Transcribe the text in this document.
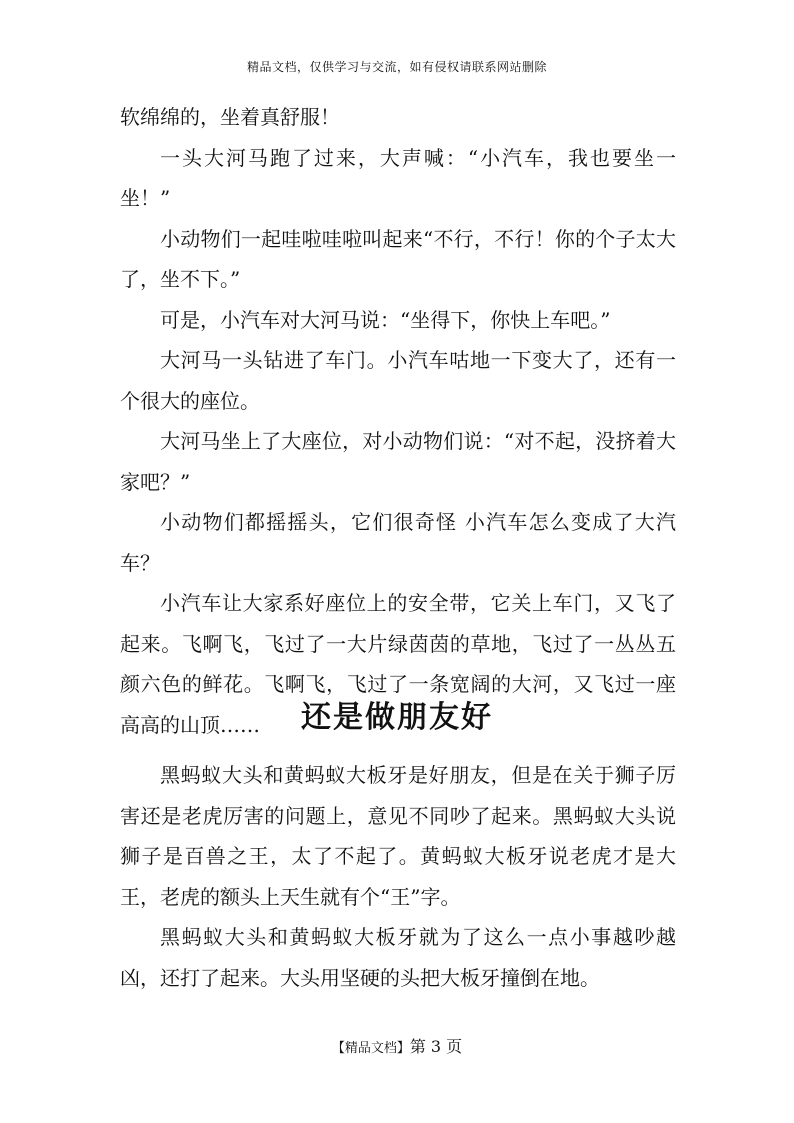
精品文档，仅供学习与交流，如有侵权请联系网站删除

软绵绵的，坐着真舒服！

一头大河马跑了过来，大声喊：“小汽车，我也要坐一坐！”

小动物们一起哇啦哇啦叫起来“不行，不行！你的个子太大了，坐不下。”

可是，小汽车对大河马说：“坐得下，你快上车吧。”

大河马一头钻进了车门。小汽车咕地一下变大了，还有一个很大的座位。

大河马坐上了大座位，对小动物们说：“对不起，没挤着大家吧？”

小动物们都摇摇头，它们很奇怪 小汽车怎么变成了大汽车？

小汽车让大家系好座位上的安全带，它关上车门，又飞了起来。飞啊飞，飞过了一大片绿茵茵的草地，飞过了一丛丛五颜六色的鲜花。飞啊飞，飞过了一条宽阔的大河，又飞过一座高高的山顶……	还是做朋友好

黑蚂蚁大头和黄蚂蚁大板牙是好朋友，但是在关于狮子厉害还是老虎厉害的问题上，意见不同吵了起来。黑蚂蚁大头说狮子是百兽之王，太了不起了。黄蚂蚁大板牙说老虎才是大王，老虎的额头上天生就有个“王”字。

黑蚂蚁大头和黄蚂蚁大板牙就为了这么一点小事越吵越凶，还打了起来。大头用坚硬的头把大板牙撞倒在地。

【精品文档】第 3 页
